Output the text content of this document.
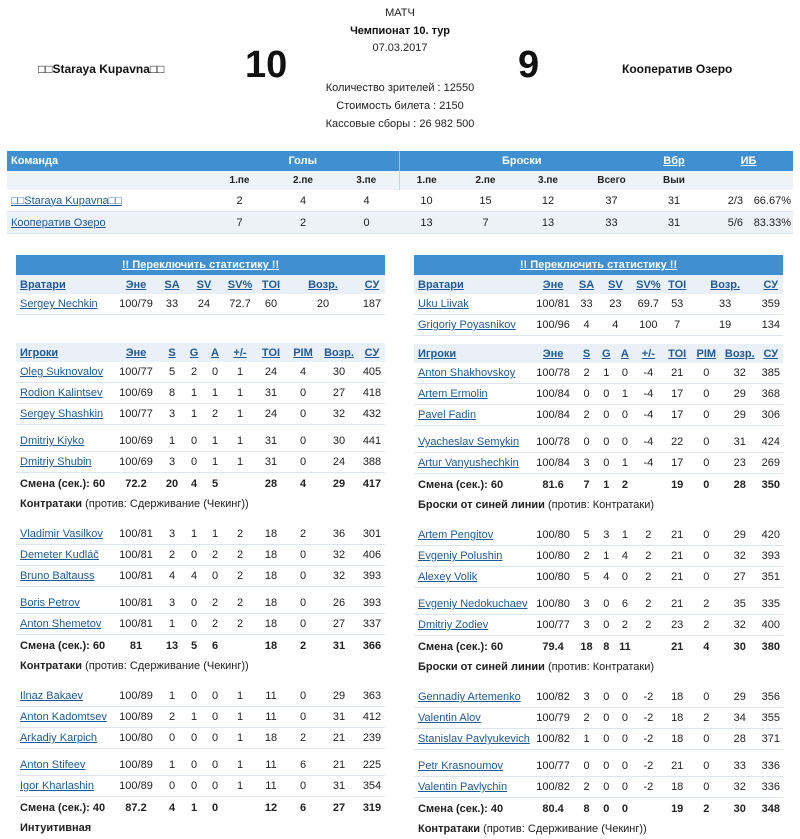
МАТЧ
Чемпионат 10. тур
07.03.2017
□□Staraya Kupavna□□ 10	9	Кооператив Озеро
Количество зрителей : 12550
Стоимость билета : 2150
Кассовые сборы : 26 982 500
Команда	Голы			Броски				Вбр	ИБ	
	1.пе	2.пе	3.пе	1.пе	2.пе	3.пе	Всего	Выи		
□□Staraya Kupavna□□	2	4	4	10	15	12	37	31	2/3	66.67%
Кооператив Озеро	7	2	0	13	7	13	33	31	5/6	83.33%
!! Переключить статистику !!									
Вратари	Эне	SA	SV		SV%	TOI	Возр.		СУ
Sergey Nechkin	100/79	33	24		72.7	60	20		187

Игроки	Эне	S	G	A	+/-	TOI	PIM	Возр.	СУ
Oleg Suknovalov	100/77	5	2	0	1	24	4	30	405
Rodion Kalintsev	100/69	8	1	1	1	31	0	27	418
Sergey Shashkin	100/77	3	1	2	1	24	0	32	432

Dmitriy Kiyko	100/69	1	0	1	1	31	0	30	441
Dmitriy Shubin	100/69	3	0	1	1	31	0	24	388
Смена (сек.): 60	72.2	20	4	5		28	4	29	417
Контратаки (против: Сдерживание (Чекинг))									

Vladimir Vasilkov	100/81	3	1	1	2	18	2	36	301
Demeter Kudláč	100/81	2	0	2	2	18	0	32	406
Bruno Baltauss	100/81	4	4	0	2	18	0	32	393

Boris Petrov	100/81	3	0	2	2	18	0	26	393
Anton Shemetov	100/81	1	0	2	2	18	0	27	337
Смена (сек.): 60	81	13	5	6		18	2	31	366
Контратаки (против: Сдерживание (Чекинг))									

Ilnaz Bakaev	100/89	1	0	0	1	11	0	29	363
Anton Kadomtsev	100/89	2	1	0	1	11	0	31	412
Arkadiy Karpich	100/80	0	0	0	1	18	2	21	239

Anton Stifeev	100/89	1	0	0	1	11	6	21	225
Igor Kharlashin	100/89	0	0	0	1	11	0	31	354
Смена (сек.): 40	87.2	4	1	0		12	6	27	319
Интуитивная									
!! Переключить статистику !!									
Вратари	Эне	SA	SV		SV%	TOI	Возр.		СУ
Uku Liivak	100/81	33	23		69.7	53	33		359
Grigoriy Poyasnikov	100/96	4	4		100	7	19		134

Игроки	Эне	S	G	A	+/-	TOI	PIM	Возр.	СУ
Anton Shakhovskoy	100/78	2	1	0	-4	21	0	32	385
Artem Ermolin	100/84	0	0	1	-4	17	0	29	368
Pavel Fadin	100/84	2	0	0	-4	17	0	29	306

Vyacheslav Semykin	100/78	0	0	0	-4	22	0	31	424
Artur Vanyushechkin	100/84	3	0	1	-4	17	0	23	269
Смена (сек.): 60	81.6	7	1	2		19	0	28	350
Броски от синей линии (против: Контратаки)									

Artem Pengitov	100/80	5	3	1	2	21	0	29	420
Evgeniy Polushin	100/80	2	1	4	2	21	0	32	393
Alexey Volik	100/80	5	4	0	2	21	0	27	351

Evgeniy Nedokuchaev	100/80	3	0	6	2	21	2	35	335
Dmitriy Zodiev	100/77	3	0	2	2	23	2	32	400
Смена (сек.): 60	79.4	18	8	11		21	4	30	380
Броски от синей линии (против: Контратаки)									

Gennadiy Artemenko	100/82	3	0	0	-2	18	0	29	356
Valentin Alov	100/79	2	0	0	-2	18	2	34	355
Stanislav Pavlyukevich	100/82	1	0	0	-2	18	0	28	371

Petr Krasnoumov	100/77	0	0	0	-2	21	0	33	336
Valentin Pavlychin	100/82	2	0	0	-2	18	0	32	336
Смена (сек.): 40	80.4	8	0	0		19	2	30	348
Контратаки (против: Сдерживание (Чекинг))									
